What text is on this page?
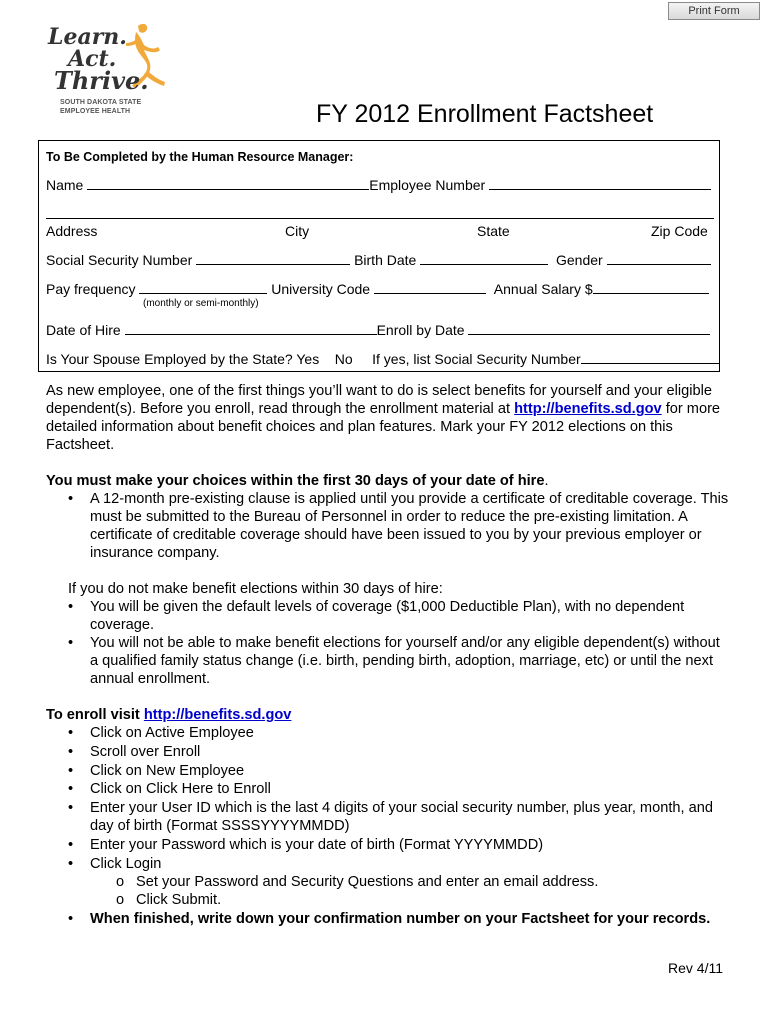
Print Form
Learn.
Act.
Thrive.
SOUTH DAKOTA STATE
EMPLOYEE HEALTH	FY 2012 Enrollment Factsheet
To Be Completed by the Human Resource Manager:
Name	Employee Number
Address	City	State	Zip Code
Social Security Number	Birth Date	Gender
Pay frequency	University Code	Annual Salary $
(monthly or semi-monthly)
Date of Hire	Enroll by Date
Is Your Spouse Employed by the State? Yes No If yes, list Social Security Number
As new employee, one of the first things you’ll want to do is select benefits for yourself and your eligible dependent(s). Before you enroll, read through the enrollment material at http://benefits.sd.gov for more detailed information about benefit choices and plan features. Mark your FY 2012 elections on this Factsheet.
You must make your choices within the first 30 days of your date of hire.
• A 12-month pre-existing clause is applied until you provide a certificate of creditable coverage. This must be submitted to the Bureau of Personnel in order to reduce the pre-existing limitation. A certificate of creditable coverage should have been issued to you by your previous employer or insurance company.
If you do not make benefit elections within 30 days of hire:
• You will be given the default levels of coverage ($1,000 Deductible Plan), with no dependent coverage.
• You will not be able to make benefit elections for yourself and/or any eligible dependent(s) without a qualified family status change (i.e. birth, pending birth, adoption, marriage, etc) or until the next annual enrollment.
To enroll visit http://benefits.sd.gov
• Click on Active Employee
• Scroll over Enroll
• Click on New Employee
• Click on Click Here to Enroll
• Enter your User ID which is the last 4 digits of your social security number, plus year, month, and day of birth (Format SSSSYYYYMMDD)
• Enter your Password which is your date of birth (Format YYYYMMDD)
• Click Login
o Set your Password and Security Questions and enter an email address.
o Click Submit.
• When finished, write down your confirmation number on your Factsheet for your records.
Rev 4/11
